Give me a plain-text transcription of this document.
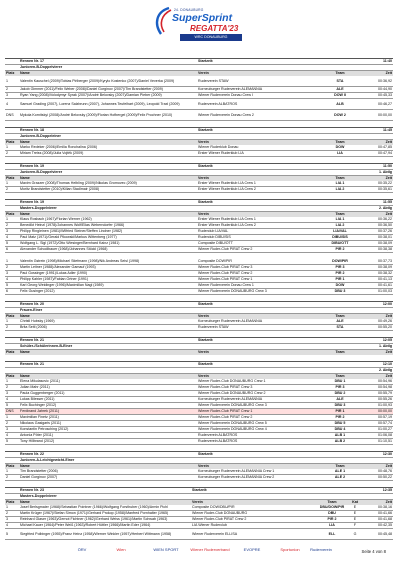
24. DONAUBURG
SuperSprint
REGATTA'23
WRC DONAUBURG
	Rennen Nr. 17	Startzeit:	11:40	
	Junioren-B-Doppelvierer			
Platz	Name	Verein	Team	Zeit
1	Valentin Kauschel (2009)/Tobias Pirlberger (2009)/Kyrylo Kostenko (2007)/Daniel Veverka (2009)	Ruderverein STAW	STA	00:36,92
2	Jakob Gimmer (2011)/Felix Weber (2008)/Daniel Gorginov (2007)/Tim Brandstetter (2009)	Korneuburger Ruderverein ALEMANNIA	ALE	00:44,90
3	Ryan Yang (2008)/Volodymyr Syrak (2007)/André Belovsky (2007)/Damian Pieber (2009)	Wiener Ruderverein Donau Crew I	DOW II	00:45,33
4	Samuel Grading (2007), Lorenz Salzbrunn (2007), Johannes Teufelhart (2009), Leopold Traxl (2009)	Ruderverein ALBATROS	ALB	00:46,27
DNS	Mykola Kornitskyi (2008)/André Belovsky (2009)/Florian Hofbergel (2009)/Felix Prochner (2010)	Wiener Ruderverein Donau Crew 2	DOW 2	00:00,00
	Rennen Nr. 18	Startzeit:	11:45	
	Junioren-B-Doppeleiner			
Platz	Name	Verein	Team	Zeit
1	Marko Redeker (2006)/Emilia Ronchalina (2006)	Wiener Ruderklub Donau	DOW	00:47,85
2	Miriam Treiss (2008)/Julia Vojtěk (2009)	Erster Wiener Ruderklub LIA	LIA	00:47,94
	Rennen Nr. 19	Startzeit:	11:50	
	Junioren-B-Doppelvierer		1. Abtlg	
Platz	Name	Verein	Team	Zeit
1	Maxim Grazzer (2008)/Thomas Helbling (2009)/Nikolas Gromovec (2009)	Erster Wiener Ruderklub LIA Crew 1	LIA 1	00:35,22
2	Moritz Brandstetter (2010)/Kilian Stadlmair (2008)	Erster Wiener Ruderklub LIA Crew 2	LIA 2	00:35,61
	Rennen Nr. 19	Startzeit:	11:55	
	Masters-Doppelvierer		2. Abtlg	
Platz	Name	Verein	Team	Zeit
1	Klaus Rosbach (1967)/Florian Werner (1962)	Erster Wiener Ruderklub LIA Crew 1	LIA 1	00:36,22
2	Benedikt Heinzl (1978)/Johannes Wolf/Elias Weberndorfer (1966)	Erster Wiener Ruderklub LIA Crew 2	LIA 2	00:36,50
3	Philipp Ringleinen (1981)/Wilfried Steiner/Steffen Lindner (1982)	Ruderclub LIA/VAL	LIA/VAL	00:37,26
4	Paul Matz (1971)/Gerald Pikowski/Markus Wittenberg (1977)	Ruderclub DIBU/SIS	DIBU/SIS	00:38,01
5	Wolfgang L. Sigl (1972)/Otto Wiesinger/Bernhard Kainz (1981)	Composite DIBU/OTT	DIBU/OTT	00:38,09
6	Alexander Schodlbauer (1968)/Johannes Stöckl (1968)	Wiener Ruder-Club PIRAT Crew 2	PIR 2	00:38,38
1	Valentin Gstrein (1998)/Michael Stiefmann (1998)/Nik Andreas Seisl (1998)	Composite DOW/PIR	DOW/PIR	00:37,73
2	Martin Leitner (1988)/Alexander Gamauf (1993)	Wiener Ruder-Club PIRAT Crew 3	PIR 3	00:38,09
3	Paul Gossinger (1991)/Lukas Adler (1990)	Wiener Ruder-Club PIRAT Crew 2	PIR 2	00:38,32
4	Philipp Kahler (1987)/Fabian Ortner (1991)	Wiener Ruder-Club PIRAT Crew 1	PIR 1	00:41,13
5	Karl Georg Weidinger (1996)/Maximilian Nagl (1989)	Wiener Ruderverein Donau Crew 1	DOW	00:41,61
6	Felix Gusinger (2012)	Wiener Ruderverein DONAUBURG Crew 3	DBU 3	01:00,03
	Rennen Nr. 20	Startzeit:	12:00	
	Frauen-Einer			
Platz	Name	Verein	Team	Zeit
1	Christl Hubsky (1969)	Korneuburger Ruderverein ALEMANNIA	ALE	00:49,26
2	Brita Seitl (2006)	Ruderverein STAW	STA	00:55,20
	Rennen Nr. 21	Startzeit:	12:05	
	Schüler-/Schülerinnen-B-Einer		1. Abtlg	
Platz	Name	Verein	Team	Zeit
	Rennen Nr. 21	Startzeit:	12:10	
			2. Abtlg	
Platz	Name	Verein	Team	Zeit
1	Elena Mikulasovic (2011)	Wiener Ruder-Club DONAUBURG Crew 1	DBU 1	00:54,96
2	Julian Mahr (2011)	Wiener Ruder-Club PIRAT Crew 3	PIR 3	00:54,98
3	Paula Guggenberger (2011)	Wiener Ruder-Club DONAUBURG Crew 2	DBU 2	00:55,79
4	Lukas Bilesser (2011)	Korneuburger Ruderverein ALEMANNIA	ALE	00:55,26
5	Felix Buchinger (2012)	Wiener Ruderverein DONAUBURG Crew 3	DBU 3	01:00,93
DNS	Ferdinand Jahrek (2011)	Wiener Ruder-Club PIRAT Crew 1	PIR 1	00:00,00
1	Maximilian Finetz (2011)	Wiener Ruder-Club PIRAT Crew 2	PIR 2	00:57,19
2	Nikolaos Gasigaris (2011)	Wiener Ruderverein DONAUBURG Crew 5	DBU 5	00:57,74
3	Konstantin Petrosching (2012)	Wiener Ruderverein DONAUBURG Crew 4	DBU 4	01:00,27
4	Antonia Pöter (2011)	Ruderverein ALBATROS	ALB 1	01:06,08
5	Tony Hillbrand (2012)	Ruderverein ALBATROS	ALB 2	01:10,51
	Rennen Nr. 22	Startzeit:	12:30	
	Junioren-A-Leichtgewicht-Einer			
Platz	Name	Verein	Team	Zeit
1	Tim Brandstetter (2006)	Korneuburger Ruderverein ALEMANNIA Crew 1	ALE 1	00:48,76
2	Daniel Gorginov (2007)	Korneuburger Ruderverein ALEMANNIA Crew 2	ALE 2	00:50,22
	Rennen Nr. 23	Startzeit:	12:35		
	Masters-Doppelvierer				
Platz	Name	Verein	Team	Kat	Zeit
1	Josef Berlsgmaier (1968)/Sebastian Pointner (1966)/Wolfgang Forsthuber (1960)/Armin Pichl	Composite DOW/DBU/PIR	DBU/DOW/PIR	E	00:38,16
2	Martin Krüger (1967)/Stefan Simon (1971)/Gerhard Prokop (1958)/Manfred Pornhalter (1965)	Wiener Ruder-Club DONAUBURG	DBU	E	00:41,66
3	Reinhard Glaser (1963)/Gernot Fichtner (1962)/Gerhard Weiss (1961)/Martin Schwab (1963)	Wiener Ruder-Club PIRAT Crew 2	PIR 2	E	00:41,68
4	Michael Kauer (1964)/Peter Weiß (1963)/Robert Hüttler (1966)/Martin Eder (1964)	LIA Wiener Ruderclub	LIA	F	00:42,35
5	Siegfried Polbinger (1955)/Franz Heinz (1958)/Werner Winkler (1957)/Herbert Wittmann (1958)	Wiener Ruderverein ELLISA	ELL	G	00:45,48
ÖRV	Wien	WIEN SPORT	Wiener Ruderverband	EVOPRE	Sportunion	Ruderverein	Seite 4 von 8
